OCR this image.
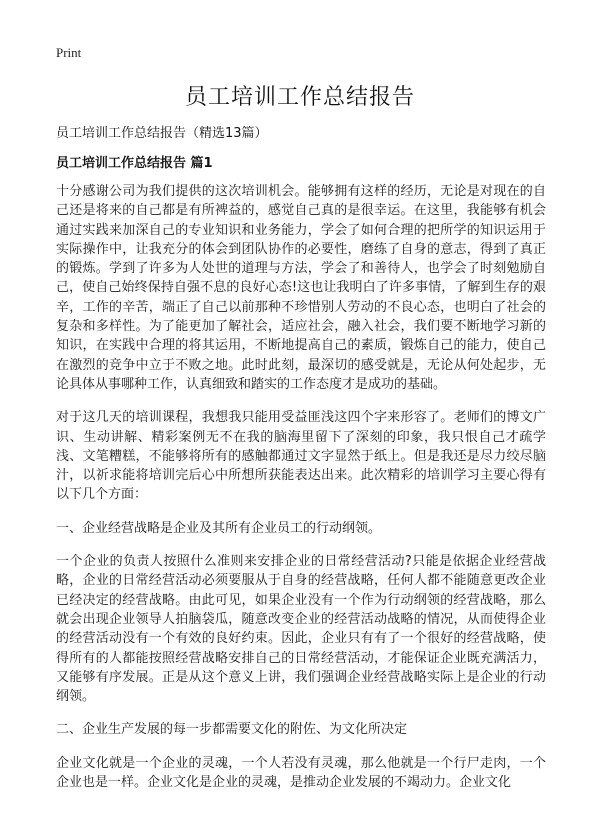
Print
员工培训工作总结报告
员工培训工作总结报告（精选13篇）
员工培训工作总结报告 篇1

十分感谢公司为我们提供的这次培训机会。能够拥有这样的经历，无论是对现在的自己还是将来的自己都是有所裨益的，感觉自己真的是很幸运。在这里，我能够有机会通过实践来加深自己的专业知识和业务能力，学会了如何合理的把所学的知识运用于实际操作中，让我充分的体会到团队协作的必要性，磨练了自身的意志，得到了真正的锻炼。学到了许多为人处世的道理与方法，学会了和善待人，也学会了时刻勉励自己，使自己始终保持自强不息的良好心态!这也让我明白了许多事情，了解到生存的艰辛，工作的辛苦，端正了自己以前那种不珍惜别人劳动的不良心态，也明白了社会的复杂和多样性。为了能更加了解社会，适应社会，融入社会，我们要不断地学习新的知识，在实践中合理的将其运用，不断地提高自己的素质，锻炼自己的能力，使自己在激烈的竞争中立于不败之地。此时此刻，最深切的感受就是，无论从何处起步，无论具体从事哪种工作，认真细致和踏实的工作态度才是成功的基础。

对于这几天的培训课程，我想我只能用受益匪浅这四个字来形容了。老师们的博文广识、生动讲解、精彩案例无不在我的脑海里留下了深刻的印象，我只恨自己才疏学浅、文笔糟糕，不能够将所有的感触都通过文字显然于纸上。但是我还是尽力绞尽脑汁，以祈求能将培训完后心中所想所获能表达出来。此次精彩的培训学习主要心得有以下几个方面：

一、企业经营战略是企业及其所有企业员工的行动纲领。

一个企业的负责人按照什么准则来安排企业的日常经营活动?只能是依据企业经营战略，企业的日常经营活动必须要服从于自身的经营战略，任何人都不能随意更改企业已经决定的经营战略。由此可见，如果企业没有一个作为行动纲领的经营战略，那么就会出现企业领导人拍脑袋瓜，随意改变企业的经营活动战略的情况，从而使得企业的经营活动没有一个有效的良好约束。因此，企业只有有了一个很好的经营战略，使得所有的人都能按照经营战略安排自己的日常经营活动，才能保证企业既充满活力，又能够有序发展。正是从这个意义上讲，我们强调企业经营战略实际上是企业的行动纲领。

二、企业生产发展的每一步都需要文化的附佐、为文化所决定

企业文化就是一个企业的灵魂，一个人若没有灵魂，那么他就是一个行尸走肉，一个企业也是一样。企业文化是企业的灵魂，是推动企业发展的不竭动力。企业文化
